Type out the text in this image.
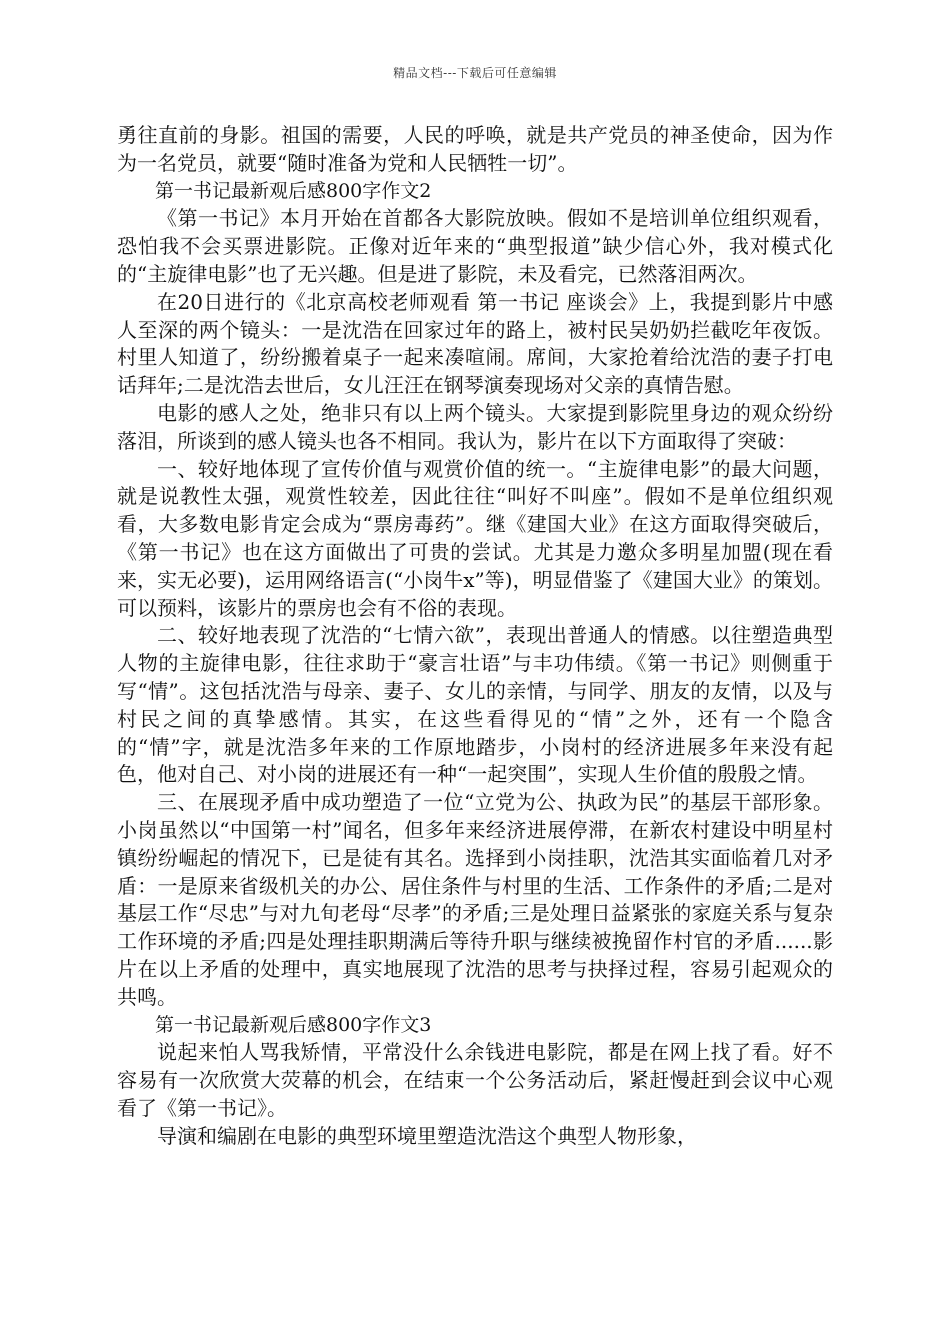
精品文档---下载后可任意编辑

勇往直前的身影。祖国的需要，人民的呼唤，就是共产党员的神圣使命，因为作为一名党员，就要“随时准备为党和人民牺牲一切”。

第一书记最新观后感800字作文2

《第一书记》本月开始在首都各大影院放映。假如不是培训单位组织观看，恐怕我不会买票进影院。正像对近年来的“典型报道”缺少信心外，我对模式化的“主旋律电影”也了无兴趣。但是进了影院，未及看完，已然落泪两次。

在20日进行的《北京高校老师观看 第一书记 座谈会》上，我提到影片中感人至深的两个镜头：一是沈浩在回家过年的路上，被村民吴奶奶拦截吃年夜饭。村里人知道了，纷纷搬着桌子一起来凑喧闹。席间，大家抢着给沈浩的妻子打电话拜年;二是沈浩去世后，女儿汪汪在钢琴演奏现场对父亲的真情告慰。

电影的感人之处，绝非只有以上两个镜头。大家提到影院里身边的观众纷纷落泪，所谈到的感人镜头也各不相同。我认为，影片在以下方面取得了突破：

一、较好地体现了宣传价值与观赏价值的统一。“主旋律电影”的最大问题，就是说教性太强，观赏性较差，因此往往“叫好不叫座”。假如不是单位组织观看，大多数电影肯定会成为“票房毒药”。继《建国大业》在这方面取得突破后，《第一书记》也在这方面做出了可贵的尝试。尤其是力邀众多明星加盟(现在看来，实无必要)，运用网络语言(“小岗牛x”等)，明显借鉴了《建国大业》的策划。可以预料，该影片的票房也会有不俗的表现。

二、较好地表现了沈浩的“七情六欲”，表现出普通人的情感。以往塑造典型人物的主旋律电影，往往求助于“豪言壮语”与丰功伟绩。《第一书记》则侧重于写“情”。这包括沈浩与母亲、妻子、女儿的亲情，与同学、朋友的友情，以及与村民之间的真挚感情。其实，在这些看得见的“情”之外，还有一个隐含的“情”字，就是沈浩多年来的工作原地踏步，小岗村的经济进展多年来没有起色，他对自己、对小岗的进展还有一种“一起突围”，实现人生价值的殷殷之情。

三、在展现矛盾中成功塑造了一位“立党为公、执政为民”的基层干部形象。小岗虽然以“中国第一村”闻名，但多年来经济进展停滞，在新农村建设中明星村镇纷纷崛起的情况下，已是徒有其名。选择到小岗挂职，沈浩其实面临着几对矛盾：一是原来省级机关的办公、居住条件与村里的生活、工作条件的矛盾;二是对基层工作“尽忠”与对九旬老母“尽孝”的矛盾;三是处理日益紧张的家庭关系与复杂工作环境的矛盾;四是处理挂职期满后等待升职与继续被挽留作村官的矛盾......影片在以上矛盾的处理中，真实地展现了沈浩的思考与抉择过程，容易引起观众的共鸣。

第一书记最新观后感800字作文3

说起来怕人骂我矫情，平常没什么余钱进电影院，都是在网上找了看。好不容易有一次欣赏大荧幕的机会，在结束一个公务活动后，紧赶慢赶到会议中心观看了《第一书记》。

导演和编剧在电影的典型环境里塑造沈浩这个典型人物形象，
